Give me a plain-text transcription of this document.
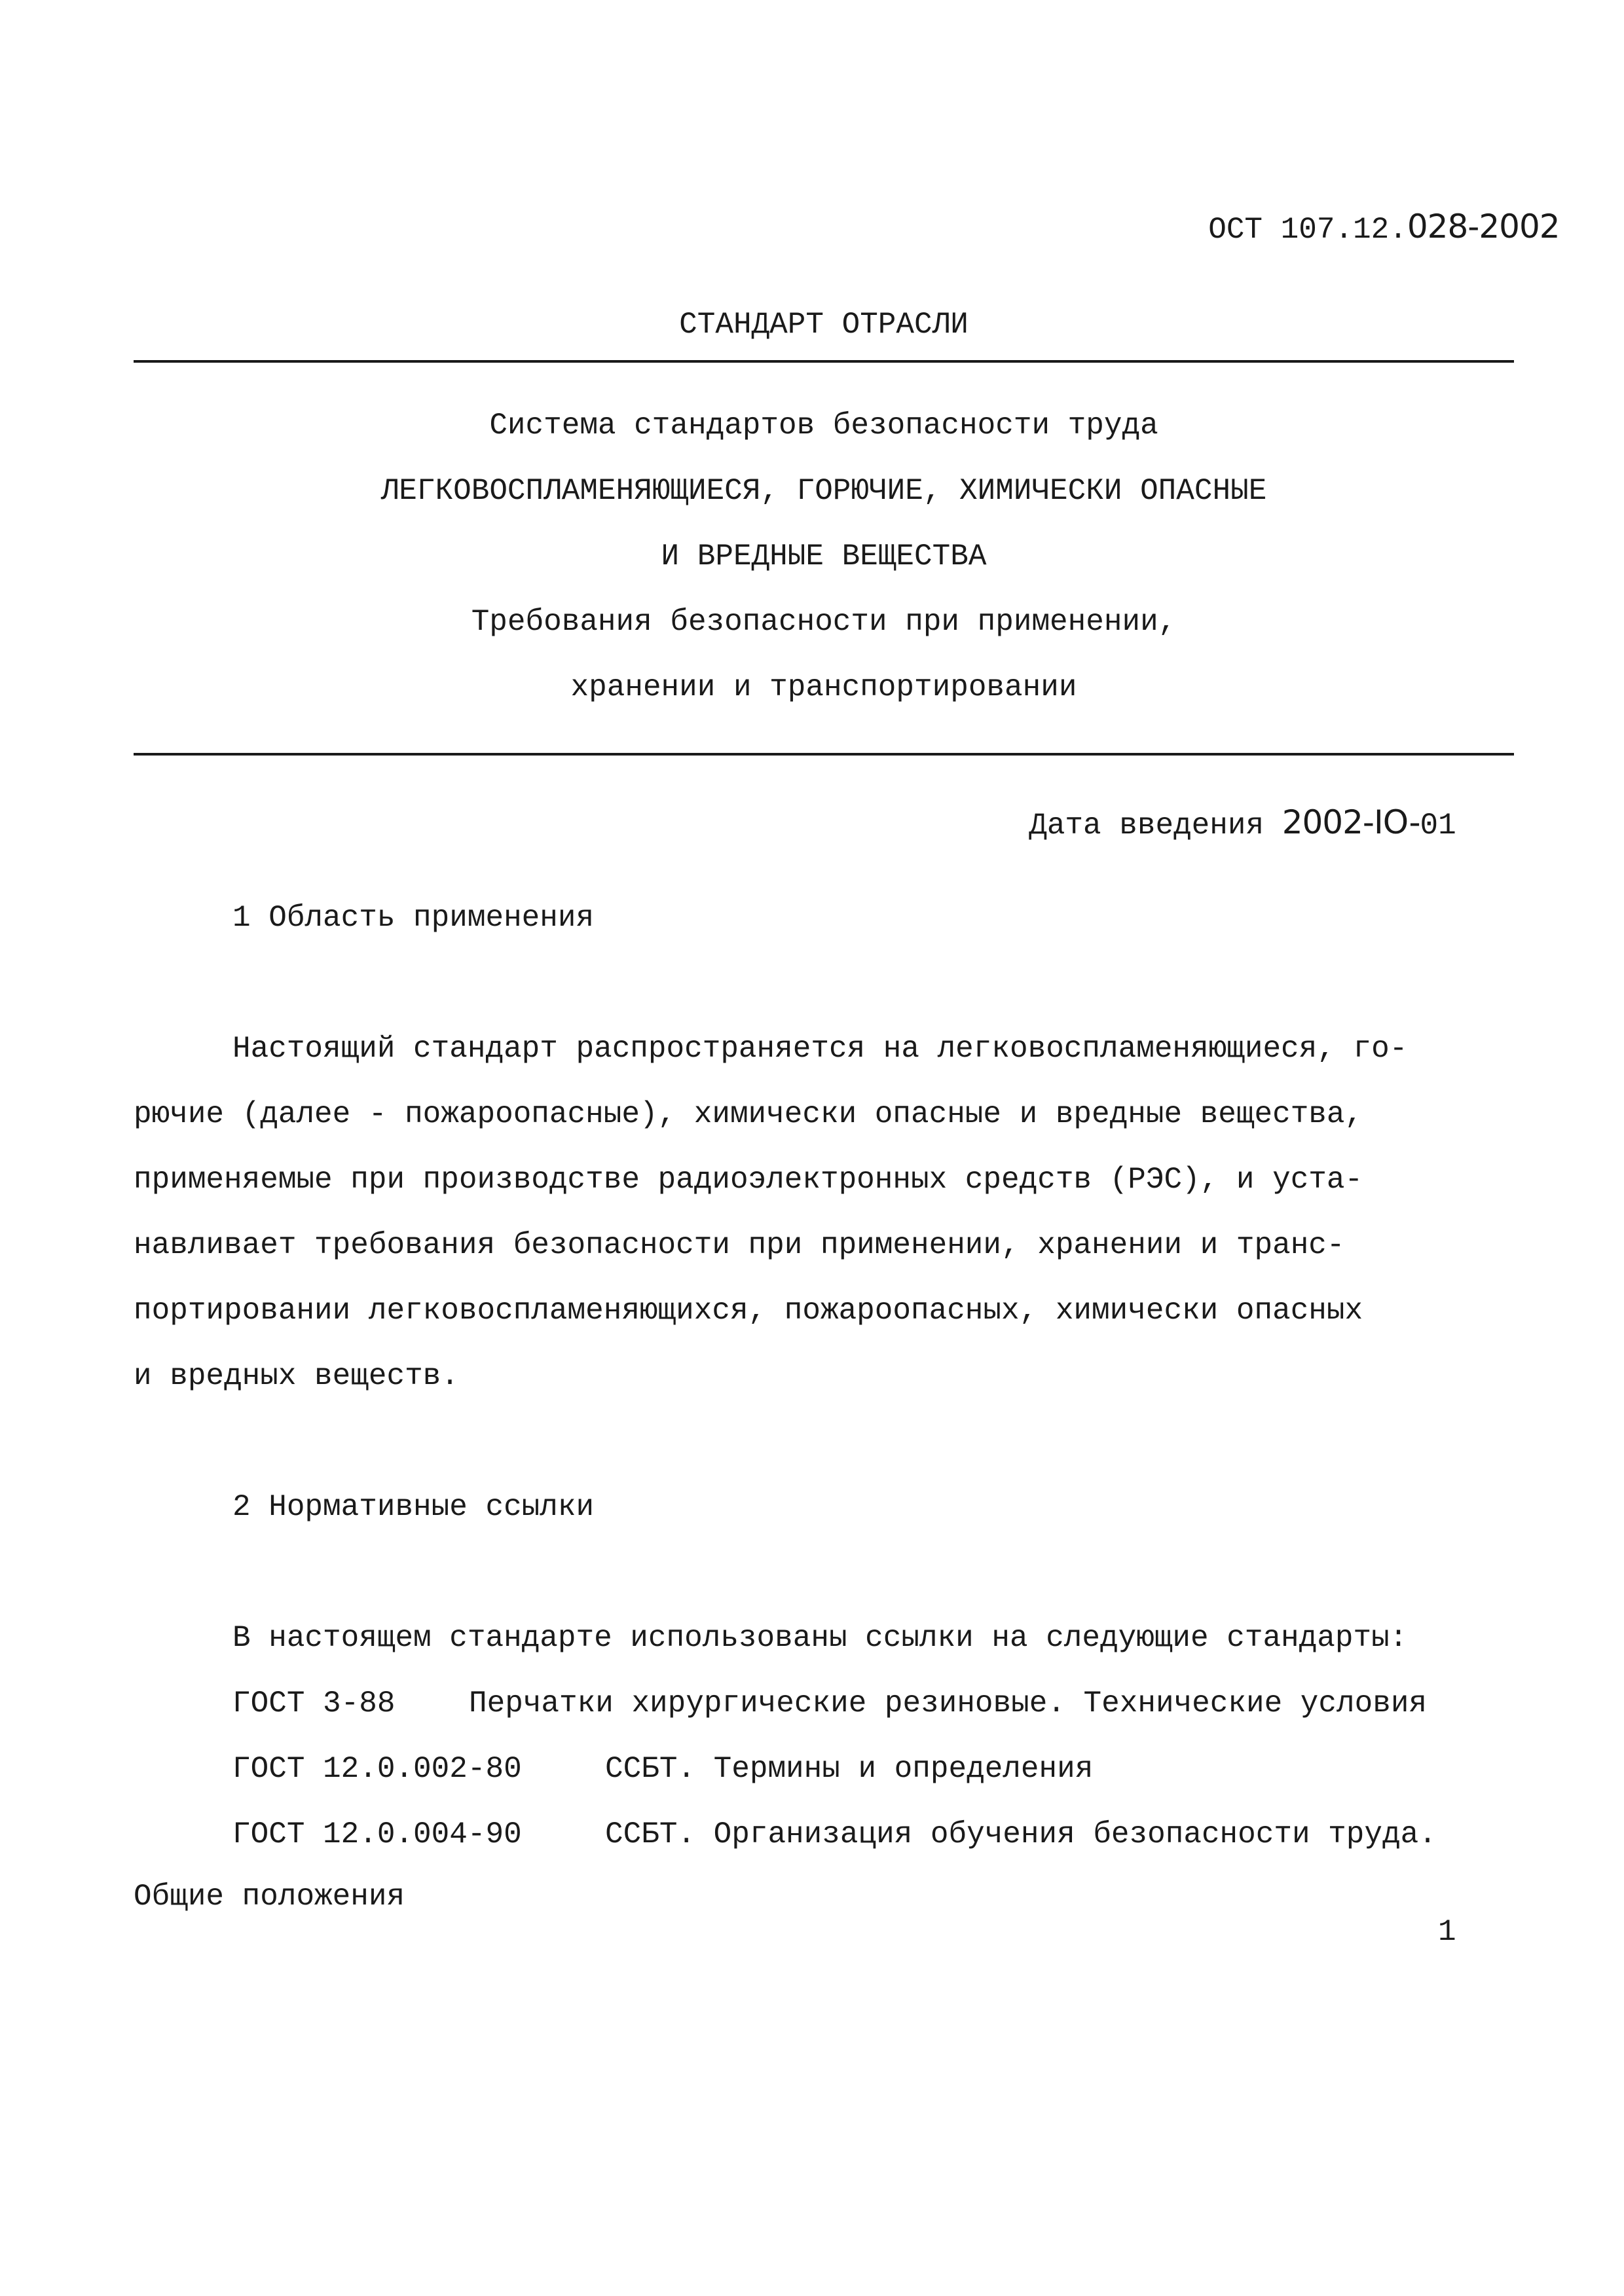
ОСТ 107.12.028-2002

СТАНДАРТ ОТРАСЛИ
Система стандартов безопасности труда
ЛЕГКОВОСПЛАМЕНЯЮЩИЕСЯ, ГОРЮЧИЕ, ХИМИЧЕСКИ ОПАСНЫЕ
И ВРЕДНЫЕ ВЕЩЕСТВА
Требования безопасности при применении,
хранении и транспортировании

Дата введения 2002-IO-01

1 Область применения
Настоящий стандарт распространяется на легковоспламеняющиеся, го-
рючие (далее - пожароопасные), химически опасные и вредные вещества,
применяемые при производстве радиоэлектронных средств (РЭС), и уста-
навливает требования безопасности при применении, хранении и транс-
портировании легковоспламеняющихся, пожароопасных, химически опасных
и вредных веществ.
2 Нормативные ссылки
В настоящем стандарте использованы ссылки на следующие стандарты:
ГОСТ 3-88 Перчатки хирургические резиновые. Технические условия
ГОСТ 12.0.002-80	ССБТ. Термины и определения
ГОСТ 12.0.004-90	ССБТ. Организация обучения безопасности труда.
Общие положения
1
